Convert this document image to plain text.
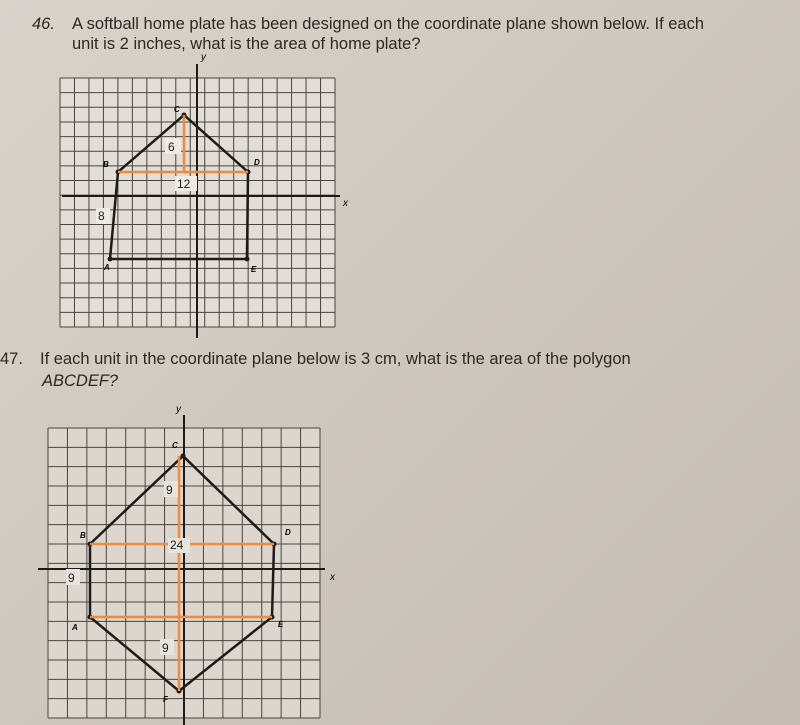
46. A softball home plate has been designed on the coordinate plane shown below. If each

unit is 2 inches, what is the area of home plate?

47. If each unit in the coordinate plane below is 3 cm, what is the area of the polygon

ABCDEF?

y
x
A
B
C
D
E
6
12
8
y
x
A
B
C
D
E
F
9
24
9
9
